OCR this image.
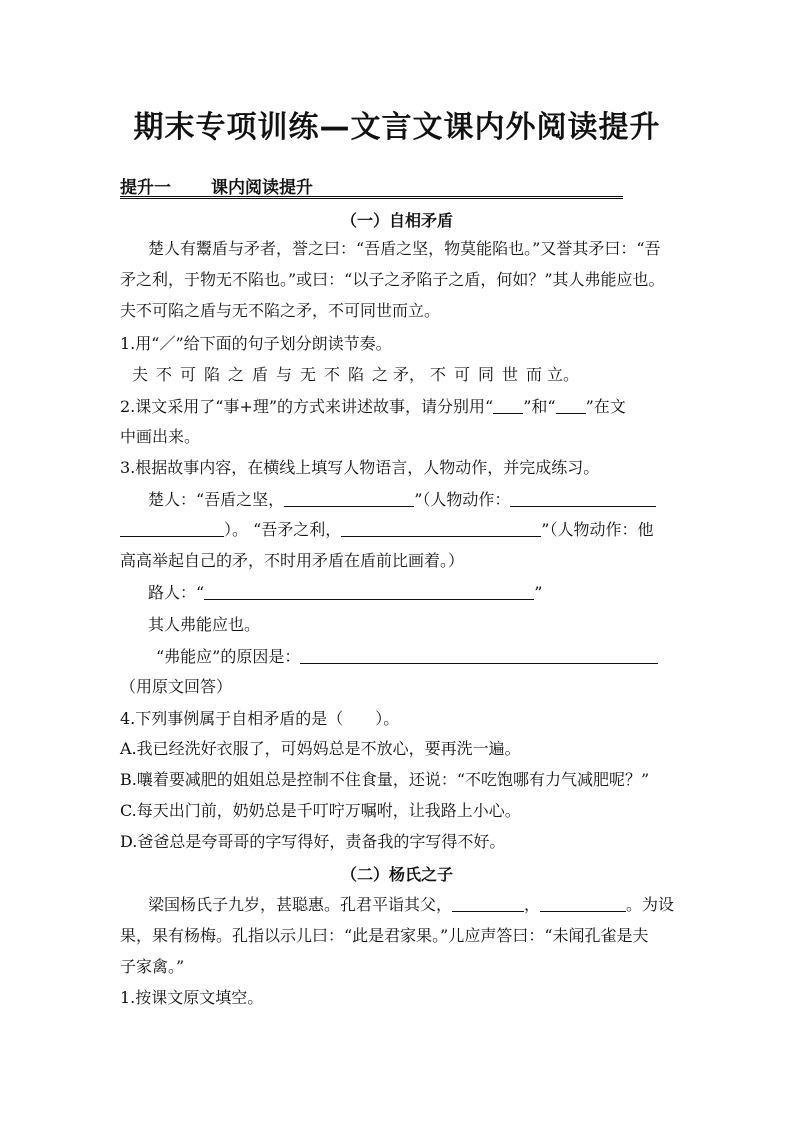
期末专项训练—文言文课内外阅读提升
提升一 课内阅读提升
（一）自相矛盾
楚人有鬻盾与矛者，誉之曰：“吾盾之坚，物莫能陷也。”又誉其矛曰：“吾
矛之利，于物无不陷也。”或曰：“以子之矛陷子之盾，何如？”其人弗能应也。
夫不可陷之盾与无不陷之矛，不可同世而立。
1.用“／”给下面的句子划分朗读节奏。
夫 不 可 陷 之 盾 与 无 不 陷 之 矛， 不 可 同 世 而 立。
2.课文采用了“事+理”的方式来讲述故事，请分别用“ ”和“ ”在文
中画出来。
3.根据故事内容，在横线上填写人物语言，人物动作，并完成练习。
楚人：“吾盾之坚，	”（人物动作：
）。 “吾矛之利，	”（人物动作：他
高高举起自己的矛，不时用矛盾在盾前比画着。）
路人：“	”
其人弗能应也。
“弗能应”的原因是：
（用原文回答）
4.下列事例属于自相矛盾的是（　　）。
A.我已经洗好衣服了，可妈妈总是不放心，要再洗一遍。
B.嚷着要减肥的姐姐总是控制不住食量，还说：“不吃饱哪有力气减肥呢？”
C.每天出门前，奶奶总是千叮咛万嘱咐，让我路上小心。
D.爸爸总是夸哥哥的字写得好，责备我的字写得不好。
（二）杨氏之子
梁国杨氏子九岁，甚聪惠。孔君平诣其父，	，	。为设
果，果有杨梅。孔指以示儿曰：“此是君家果。”儿应声答曰：“未闻孔雀是夫
子家禽。”
1.按课文原文填空。
